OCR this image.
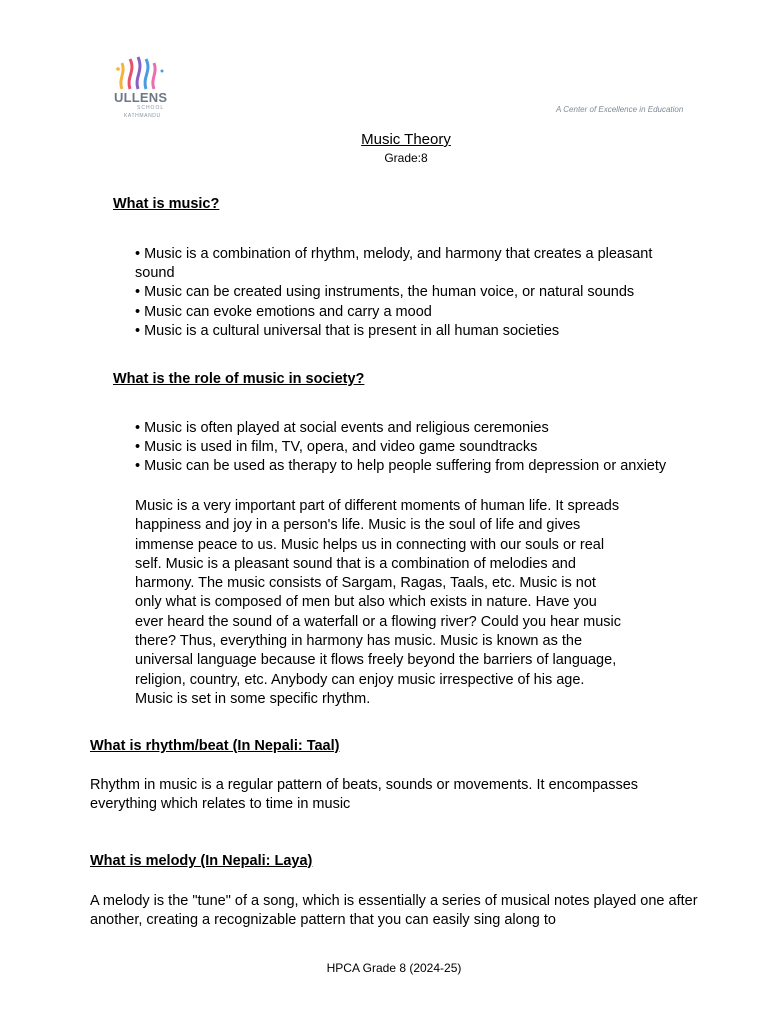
ULLENS
SCHOOL
KATHMANDU
A Center of Excellence in Education
Music Theory
Grade:8
What is music?
• Music is a combination of rhythm, melody, and harmony that creates a pleasant sound
• Music can be created using instruments, the human voice, or natural sounds
• Music can evoke emotions and carry a mood
• Music is a cultural universal that is present in all human societies
What is the role of music in society?
• Music is often played at social events and religious ceremonies
• Music is used in film, TV, opera, and video game soundtracks
• Music can be used as therapy to help people suffering from depression or anxiety
Music is a very important part of different moments of human life. It spreads happiness and joy in a person's life. Music is the soul of life and gives immense peace to us. Music helps us in connecting with our souls or real self. Music is a pleasant sound that is a combination of melodies and harmony. The music consists of Sargam, Ragas, Taals, etc. Music is not only what is composed of men but also which exists in nature. Have you ever heard the sound of a waterfall or a flowing river? Could you hear music there? Thus, everything in harmony has music. Music is known as the universal language because it flows freely beyond the barriers of language, religion, country, etc. Anybody can enjoy music irrespective of his age. Music is set in some specific rhythm.
What is rhythm/beat (In Nepali: Taal)
Rhythm in music is a regular pattern of beats, sounds or movements. It encompasses everything which relates to time in music
What is melody (In Nepali: Laya)
A melody is the "tune" of a song, which is essentially a series of musical notes played one after another, creating a recognizable pattern that you can easily sing along to
HPCA Grade 8 (2024-25)
